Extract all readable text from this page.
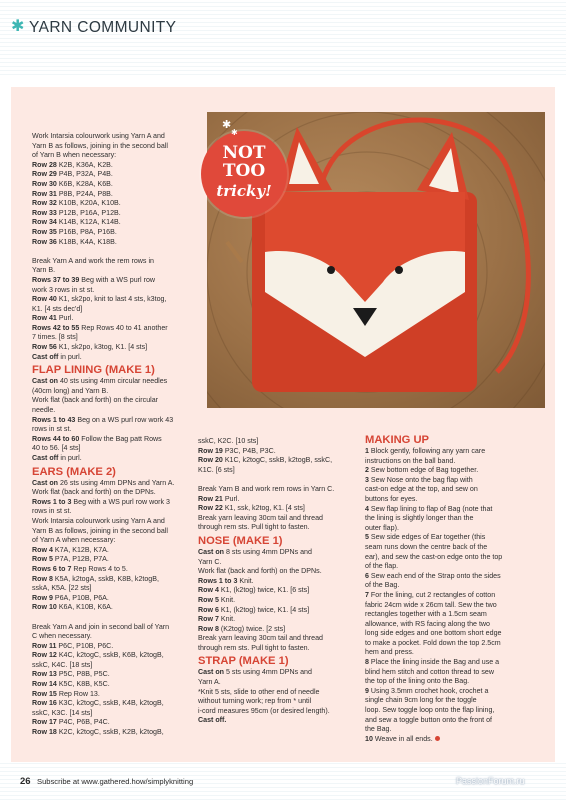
✱ YARN COMMUNITY
NOT
TOO
tricky!
✱
✱
Work Intarsia colourwork using Yarn A and
Yarn B as follows, joining in the second ball
of Yarn B when necessary:
Row 28 K2B, K36A, K2B.
Row 29 P4B, P32A, P4B.
Row 30 K6B, K28A, K6B.
Row 31 P8B, P24A, P8B.
Row 32 K10B, K20A, K10B.
Row 33 P12B, P16A, P12B.
Row 34 K14B, K12A, K14B.
Row 35 P16B, P8A, P16B.
Row 36 K18B, K4A, K18B.
Break Yarn A and work the rem rows in
Yarn B.
Rows 37 to 39 Beg with a WS purl row
work 3 rows in st st.
Row 40 K1, sk2po, knit to last 4 sts, k3tog,
K1. [4 sts dec'd]
Row 41 Purl.
Rows 42 to 55 Rep Rows 40 to 41 another
7 times. [8 sts]
Row 56 K1, sk2po, k3tog, K1. [4 sts]
Cast off in purl.
FLAP LINING (MAKE 1)
Cast on 40 sts using 4mm circular needles
(40cm long) and Yarn B.
Work flat (back and forth) on the circular
needle.
Rows 1 to 43 Beg on a WS purl row work 43
rows in st st.
Rows 44 to 60 Follow the Bag patt Rows
40 to 56. [4 sts]
Cast off in purl.
EARS (MAKE 2)
Cast on 26 sts using 4mm DPNs and Yarn A.
Work flat (back and forth) on the DPNs.
Rows 1 to 3 Beg with a WS purl row work 3
rows in st st.
Work Intarsia colourwork using Yarn A and
Yarn B as follows, joining in the second ball
of Yarn A when necessary:
Row 4 K7A, K12B, K7A.
Row 5 P7A, P12B, P7A.
Rows 6 to 7 Rep Rows 4 to 5.
Row 8 K5A, k2togA, sskB, K8B, k2togB,
sskA, K5A. [22 sts]
Row 9 P6A, P10B, P6A.
Row 10 K6A, K10B, K6A.
Break Yarn A and join in second ball of Yarn
C when necessary.
Row 11 P6C, P10B, P6C.
Row 12 K4C, k2togC, sskB, K6B, k2togB,
sskC, K4C. [18 sts]
Row 13 P5C, P8B, P5C.
Row 14 K5C, K8B, K5C.
Row 15 Rep Row 13.
Row 16 K3C, k2togC, sskB, K4B, k2togB,
sskC, K3C. [14 sts]
Row 17 P4C, P6B, P4C.
Row 18 K2C, k2togC, sskB, K2B, k2togB,
sskC, K2C. [10 sts]
Row 19 P3C, P4B, P3C.
Row 20 K1C, k2togC, sskB, k2togB, sskC,
K1C. [6 sts]
Break Yarn B and work rem rows in Yarn C.
Row 21 Purl.
Row 22 K1, ssk, k2tog, K1. [4 sts]
Break yarn leaving 30cm tail and thread
through rem sts. Pull tight to fasten.
NOSE (MAKE 1)
Cast on 8 sts using 4mm DPNs and
Yarn C.
Work flat (back and forth) on the DPNs.
Rows 1 to 3 Knit.
Row 4 K1, (k2tog) twice, K1. [6 sts]
Row 5 Knit.
Row 6 K1, (k2tog) twice, K1. [4 sts]
Row 7 Knit.
Row 8 (K2tog) twice. [2 sts]
Break yarn leaving 30cm tail and thread
through rem sts. Pull tight to fasten.
STRAP (MAKE 1)
Cast on 5 sts using 4mm DPNs and
Yarn A.
*Knit 5 sts, slide to other end of needle
without turning work; rep from * until
i-cord measures 95cm (or desired length).
Cast off.
MAKING UP
1 Block gently, following any yarn care
instructions on the ball band.
2 Sew bottom edge of Bag together.
3 Sew Nose onto the bag flap with
cast-on edge at the top, and sew on
buttons for eyes.
4 Sew flap lining to flap of Bag (note that
the lining is slightly longer than the
outer flap).
5 Sew side edges of Ear together (this
seam runs down the centre back of the
ear), and sew the cast-on edge onto the top
of the flap.
6 Sew each end of the Strap onto the sides
of the Bag.
7 For the lining, cut 2 rectangles of cotton
fabric 24cm wide x 26cm tall. Sew the two
rectangles together with a 1.5cm seam
allowance, with RS facing along the two
long side edges and one bottom short edge
to make a pocket. Fold down the top 2.5cm
hem and press.
8 Place the lining inside the Bag and use a
blind hem stitch and cotton thread to sew
the top of the lining onto the Bag.
9 Using 3.5mm crochet hook, crochet a
single chain 9cm long for the toggle
loop. Sew toggle loop onto the flap lining,
and sew a toggle button onto the front of
the Bag.
10 Weave in all ends.
26 Subscribe at www.gathered.how/simplyknitting	PassionForum.ru
